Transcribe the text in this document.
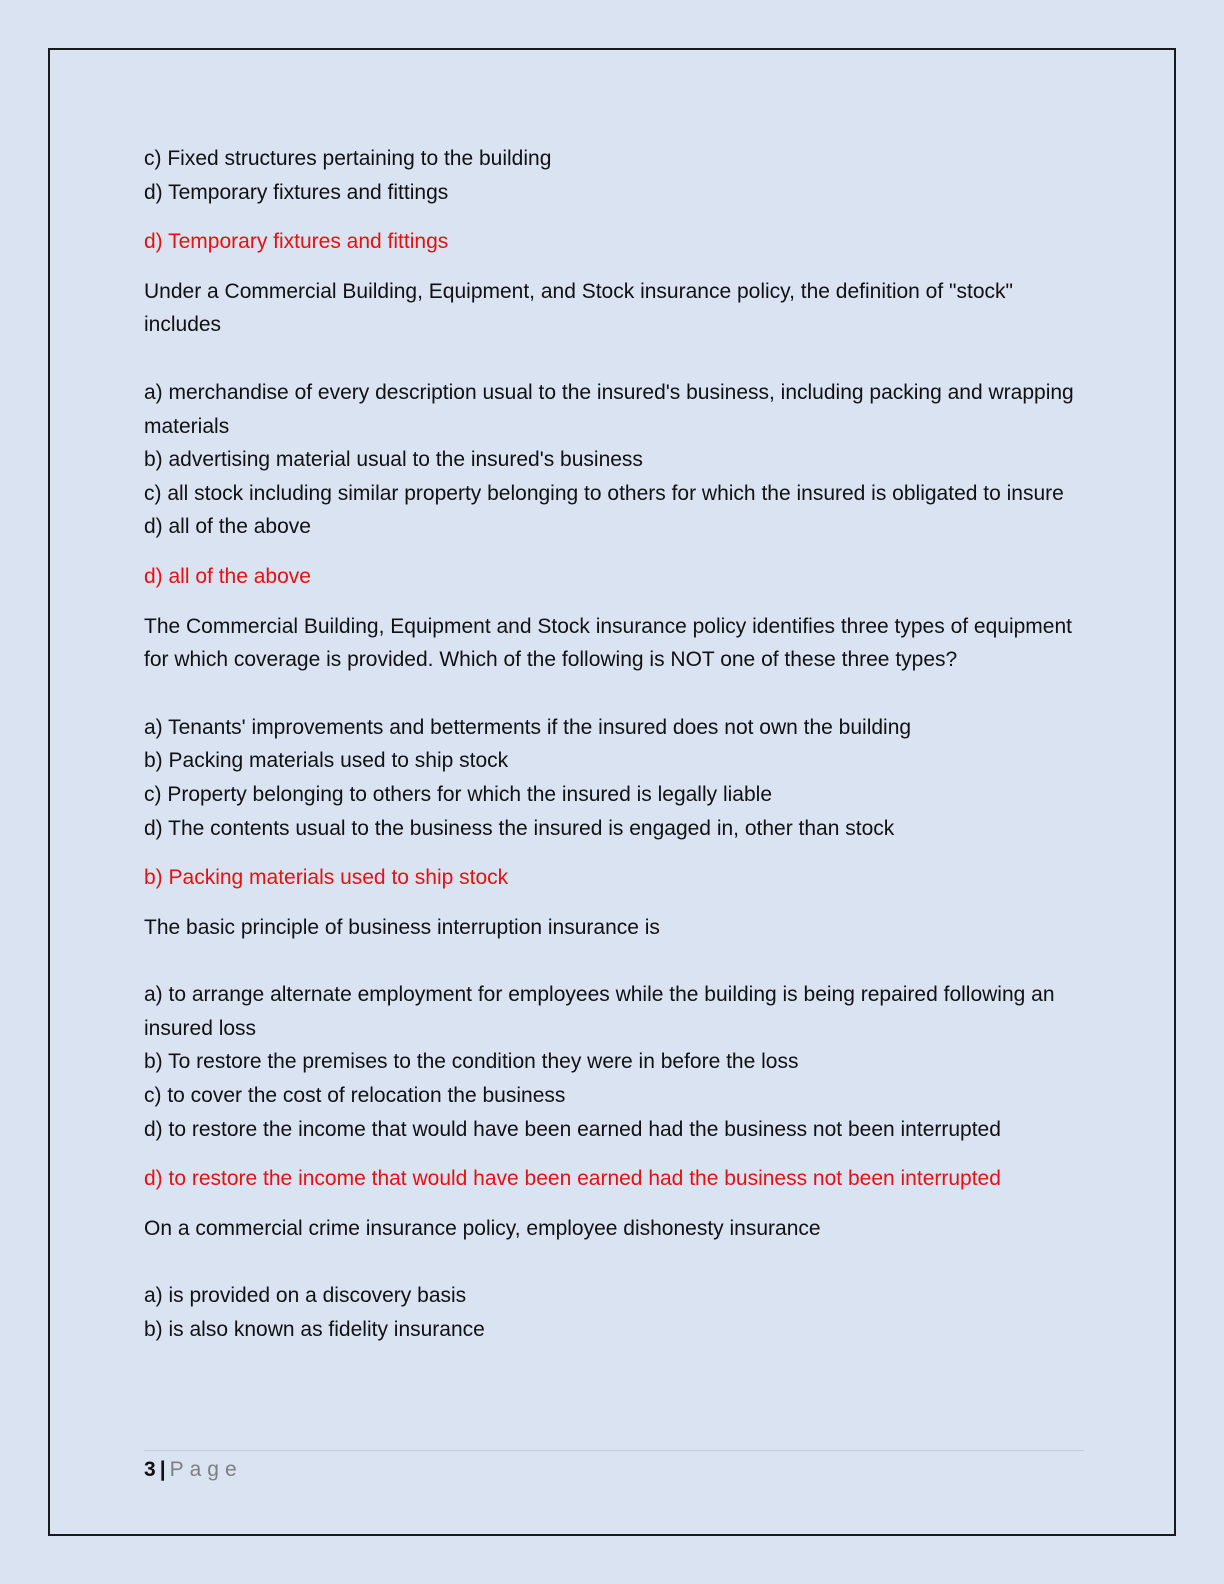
c) Fixed structures pertaining to the building
d) Temporary fixtures and fittings
d) Temporary fixtures and fittings
Under a Commercial Building, Equipment, and Stock insurance policy, the definition of "stock" includes
a) merchandise of every description usual to the insured's business, including packing and wrapping materials
b) advertising material usual to the insured's business
c) all stock including similar property belonging to others for which the insured is obligated to insure
d) all of the above
d) all of the above
The Commercial Building, Equipment and Stock insurance policy identifies three types of equipment for which coverage is provided. Which of the following is NOT one of these three types?
a) Tenants' improvements and betterments if the insured does not own the building
b) Packing materials used to ship stock
c) Property belonging to others for which the insured is legally liable
d) The contents usual to the business the insured is engaged in, other than stock
b) Packing materials used to ship stock
The basic principle of business interruption insurance is
a) to arrange alternate employment for employees while the building is being repaired following an insured loss
b) To restore the premises to the condition they were in before the loss
c) to cover the cost of relocation the business
d) to restore the income that would have been earned had the business not been interrupted
d) to restore the income that would have been earned had the business not been interrupted
On a commercial crime insurance policy, employee dishonesty insurance
a) is provided on a discovery basis
b) is also known as fidelity insurance
3 | Page
